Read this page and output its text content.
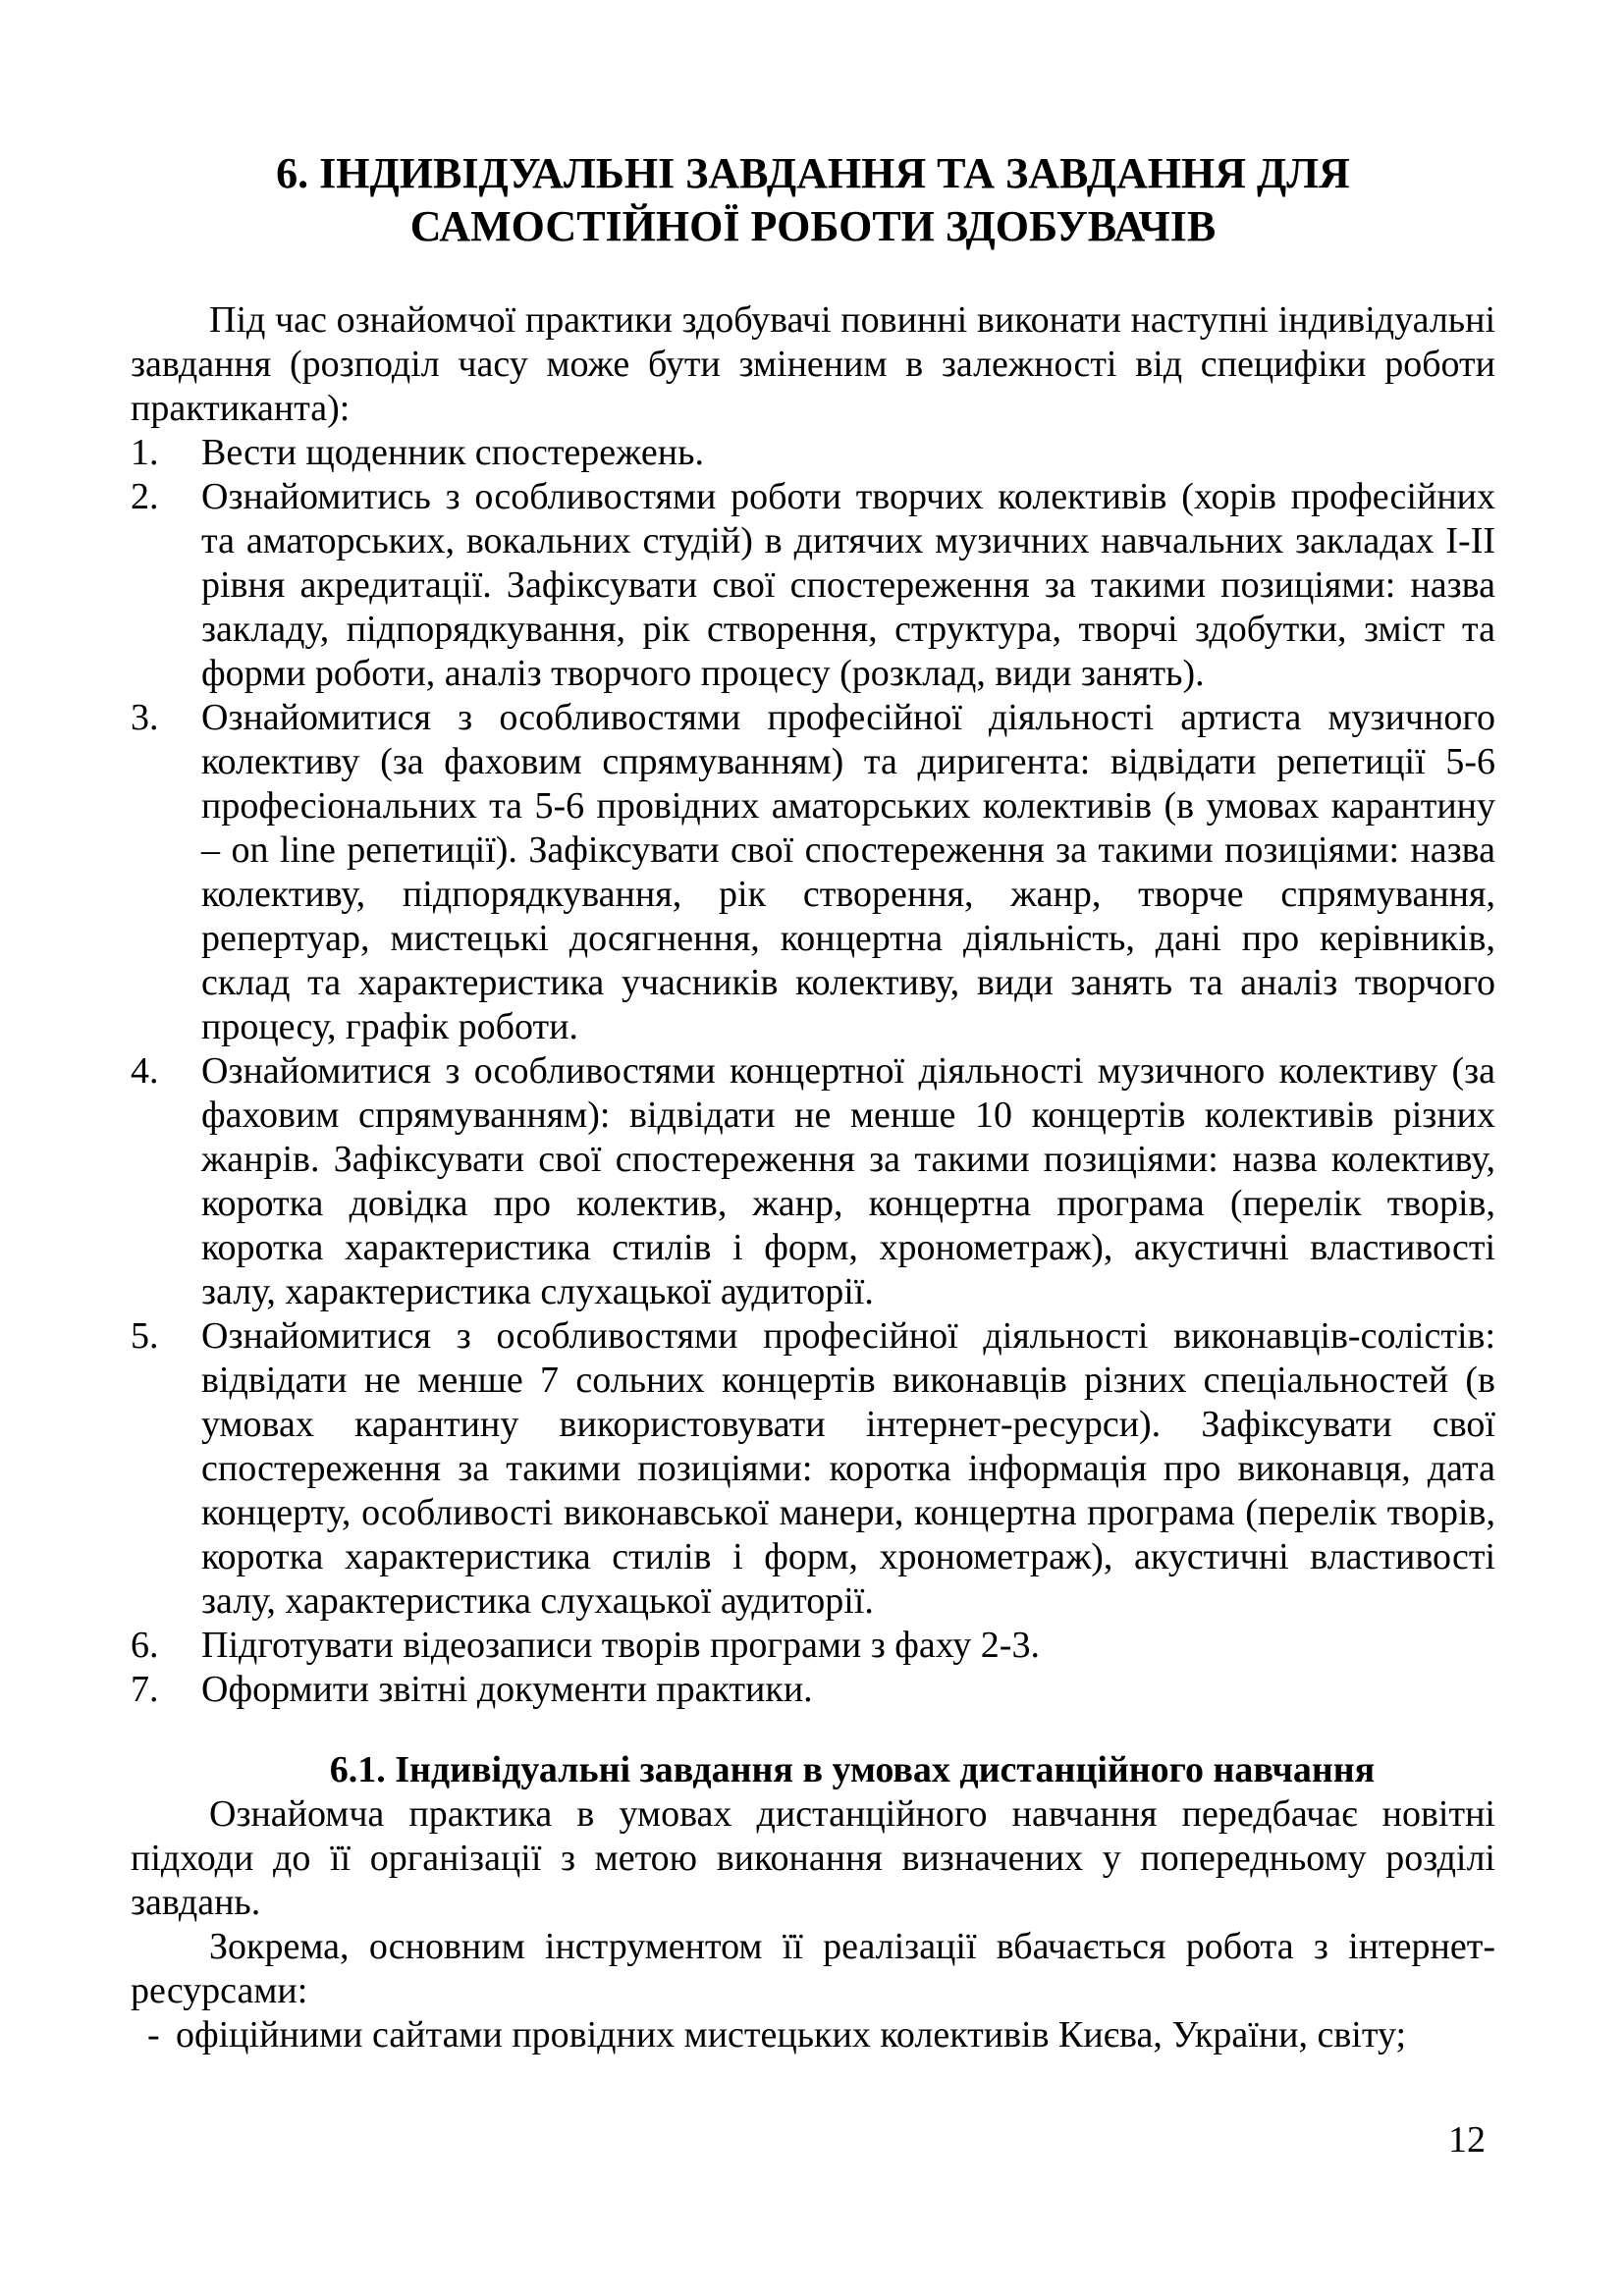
6. ІНДИВІДУАЛЬНІ ЗАВДАННЯ ТА ЗАВДАННЯ ДЛЯ
САМОСТІЙНОЇ РОБОТИ ЗДОБУВАЧІВ

Під час ознайомчої практики здобувачі повинні виконати наступні індивідуальні завдання (розподіл часу може бути зміненим в залежності від специфіки роботи практиканта):

1.	Вести щоденник спостережень.
2.	Ознайомитись з особливостями роботи творчих колективів (хорів професійних та аматорських, вокальних студій) в дитячих музичних навчальних закладах І-ІІ рівня акредитації. Зафіксувати свої спостереження за такими позиціями: назва закладу, підпорядкування, рік створення, структура, творчі здобутки, зміст та форми роботи, аналіз творчого процесу (розклад, види занять).
3.	Ознайомитися з особливостями професійної діяльності артиста музичного колективу (за фаховим спрямуванням) та диригента: відвідати репетиції 5-6 професіональних та 5-6 провідних аматорських колективів (в умовах карантину – on line репетиції). Зафіксувати свої спостереження за такими позиціями: назва колективу, підпорядкування, рік створення, жанр, творче спрямування, репертуар, мистецькі досягнення, концертна діяльність, дані про керівників, склад та характеристика учасників колективу, види занять та аналіз творчого процесу, графік роботи.
4.	Ознайомитися з особливостями концертної діяльності музичного колективу (за фаховим спрямуванням): відвідати не менше 10 концертів колективів різних жанрів. Зафіксувати свої спостереження за такими позиціями: назва колективу, коротка довідка про колектив, жанр, концертна програма (перелік творів, коротка характеристика стилів і форм, хронометраж), акустичні властивості залу, характеристика слухацької аудиторії.
5.	Ознайомитися з особливостями професійної діяльності виконавців-солістів: відвідати не менше 7 сольних концертів виконавців різних спеціальностей (в умовах карантину використовувати інтернет-ресурси). Зафіксувати свої спостереження за такими позиціями: коротка інформація про виконавця, дата концерту, особливості виконавської манери, концертна програма (перелік творів, коротка характеристика стилів і форм, хронометраж), акустичні властивості залу, характеристика слухацької аудиторії.
6.	Підготувати відеозаписи творів програми з фаху 2-3.
7.	Оформити звітні документи практики.
6.1. Індивідуальні завдання в умовах дистанційного навчання

Ознайомча практика в умовах дистанційного навчання передбачає новітні підходи до її організації з метою виконання визначених у попередньому розділі завдань.

Зокрема, основним інструментом її реалізації вбачається робота з інтернет-ресурсами:

- офіційними сайтами провідних мистецьких колективів Києва, України, світу;
12
